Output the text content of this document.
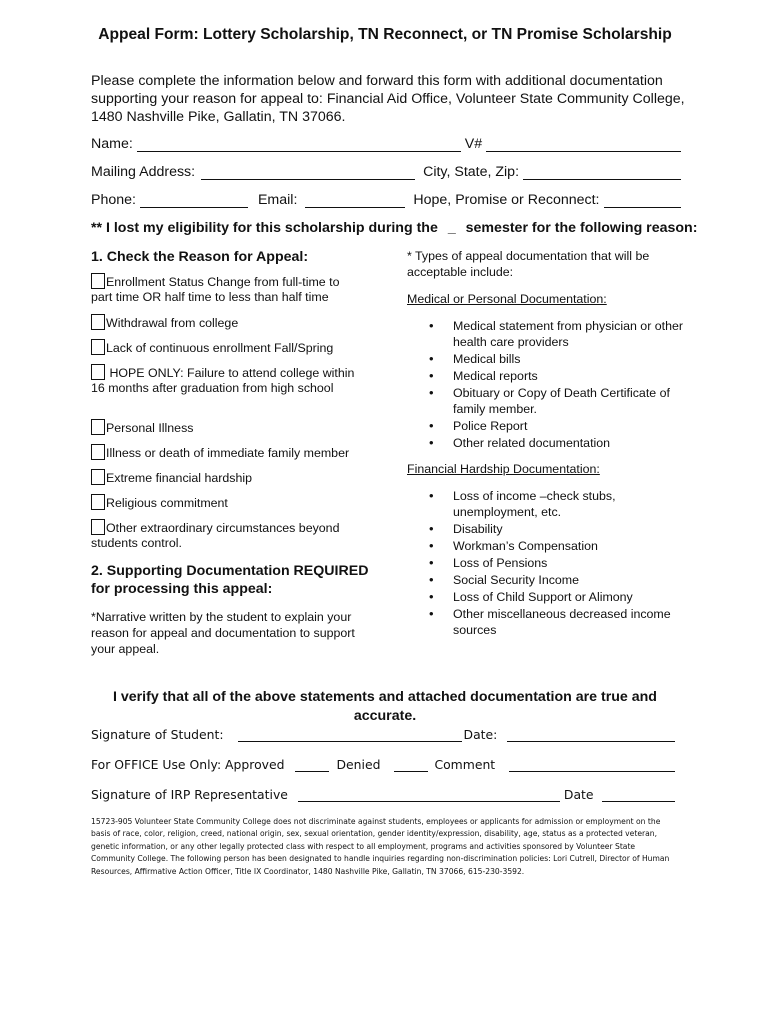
Appeal Form: Lottery Scholarship, TN Reconnect, or TN Promise Scholarship
Please complete the information below and forward this form with additional documentation supporting your reason for appeal to: Financial Aid Office, Volunteer State Community College, 1480 Nashville Pike, Gallatin, TN 37066.
Name:	V#
Mailing Address:	City, State, Zip:
Phone:	Email:	Hope, Promise or Reconnect:
** I lost my eligibility for this scholarship during the _ semester for the following reason:
1. Check the Reason for Appeal:
Enrollment Status Change from full-time to part time OR half time to less than half time
Withdrawal from college
Lack of continuous enrollment Fall/Spring
HOPE ONLY: Failure to attend college within 16 months after graduation from high school
Personal Illness
Illness or death of immediate family member
Extreme financial hardship
Religious commitment
Other extraordinary circumstances beyond students control.
2. Supporting Documentation REQUIRED for processing this appeal:
*Narrative written by the student to explain your reason for appeal and documentation to support your appeal.
* Types of appeal documentation that will be acceptable include:
Medical or Personal Documentation:
• Medical statement from physician or other health care providers
• Medical bills
• Medical reports
• Obituary or Copy of Death Certificate of family member.
• Police Report
• Other related documentation
Financial Hardship Documentation:
• Loss of income –check stubs, unemployment, etc.
• Disability
• Workman’s Compensation
• Loss of Pensions
• Social Security Income
• Loss of Child Support or Alimony
• Other miscellaneous decreased income sources
I verify that all of the above statements and attached documentation are true and accurate.
Signature of Student:	Date:
For OFFICE Use Only: Approved	Denied	Comment
Signature of IRP Representative	Date
15723-905 Volunteer State Community College does not discriminate against students, employees or applicants for admission or employment on the basis of race, color, religion, creed, national origin, sex, sexual orientation, gender identity/expression, disability, age, status as a protected veteran, genetic information, or any other legally protected class with respect to all employment, programs and activities sponsored by Volunteer State Community College. The following person has been designated to handle inquiries regarding non-discrimination policies: Lori Cutrell, Director of Human Resources, Affirmative Action Officer, Title IX Coordinator, 1480 Nashville Pike, Gallatin, TN 37066, 615-230-3592.
